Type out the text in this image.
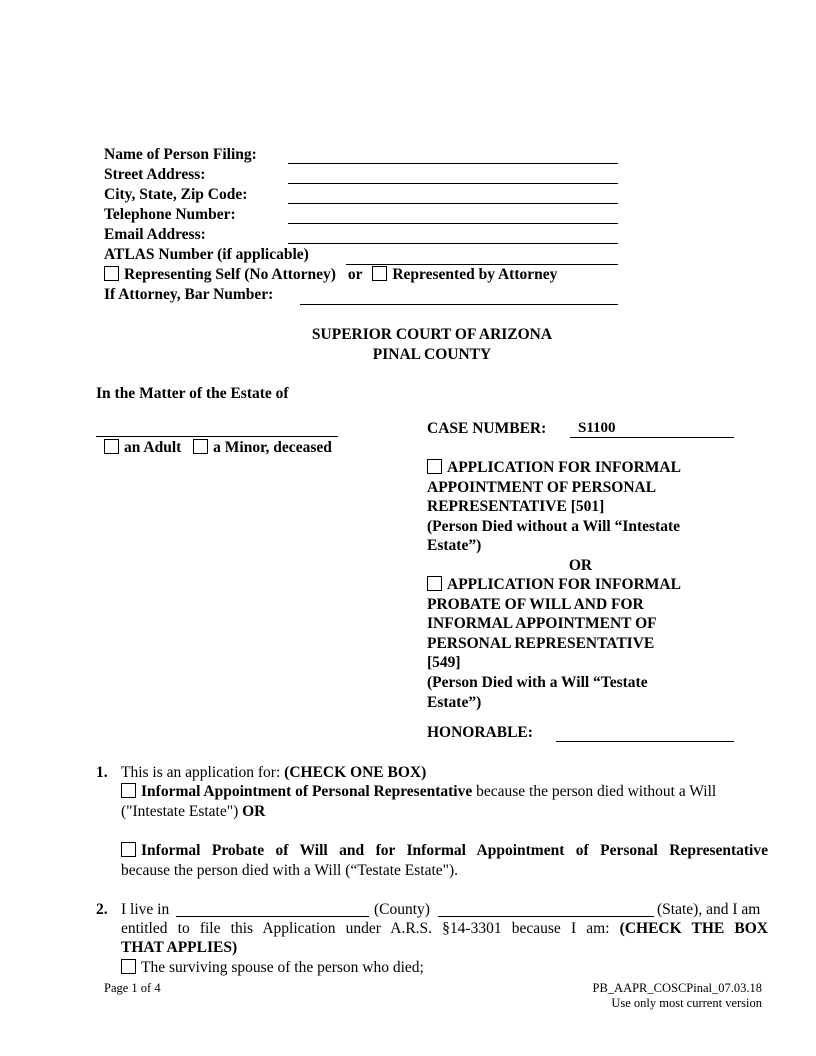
Name of Person Filing:
Street Address:
City, State, Zip Code:
Telephone Number:
Email Address:
ATLAS Number (if applicable)
Representing Self (No Attorney) or Represented by Attorney
If Attorney, Bar Number:
SUPERIOR COURT OF ARIZONA
PINAL COUNTY
In the Matter of the Estate of
an Adult a Minor, deceased
CASE NUMBER: S1100
APPLICATION FOR INFORMAL
APPOINTMENT OF PERSONAL
REPRESENTATIVE [501]
(Person Died without a Will “Intestate
Estate”)
OR
APPLICATION FOR INFORMAL
PROBATE OF WILL AND FOR
INFORMAL APPOINTMENT OF
PERSONAL REPRESENTATIVE
[549]
(Person Died with a Will “Testate
Estate”)
HONORABLE:
1. This is an application for: (CHECK ONE BOX)
Informal Appointment of Personal Representative because the person died without a Will
("Intestate Estate") OR
Informal Probate of Will and for Informal Appointment of Personal Representative
because the person died with a Will (“Testate Estate").
2. I live in	(County)	(State), and I am
entitled to file this Application under A.R.S. §14-3301 because I am: (CHECK THE BOX
THAT APPLIES)
The surviving spouse of the person who died;
Page 1 of 4	PB_AAPR_COSCPinal_07.03.18
Use only most current version
